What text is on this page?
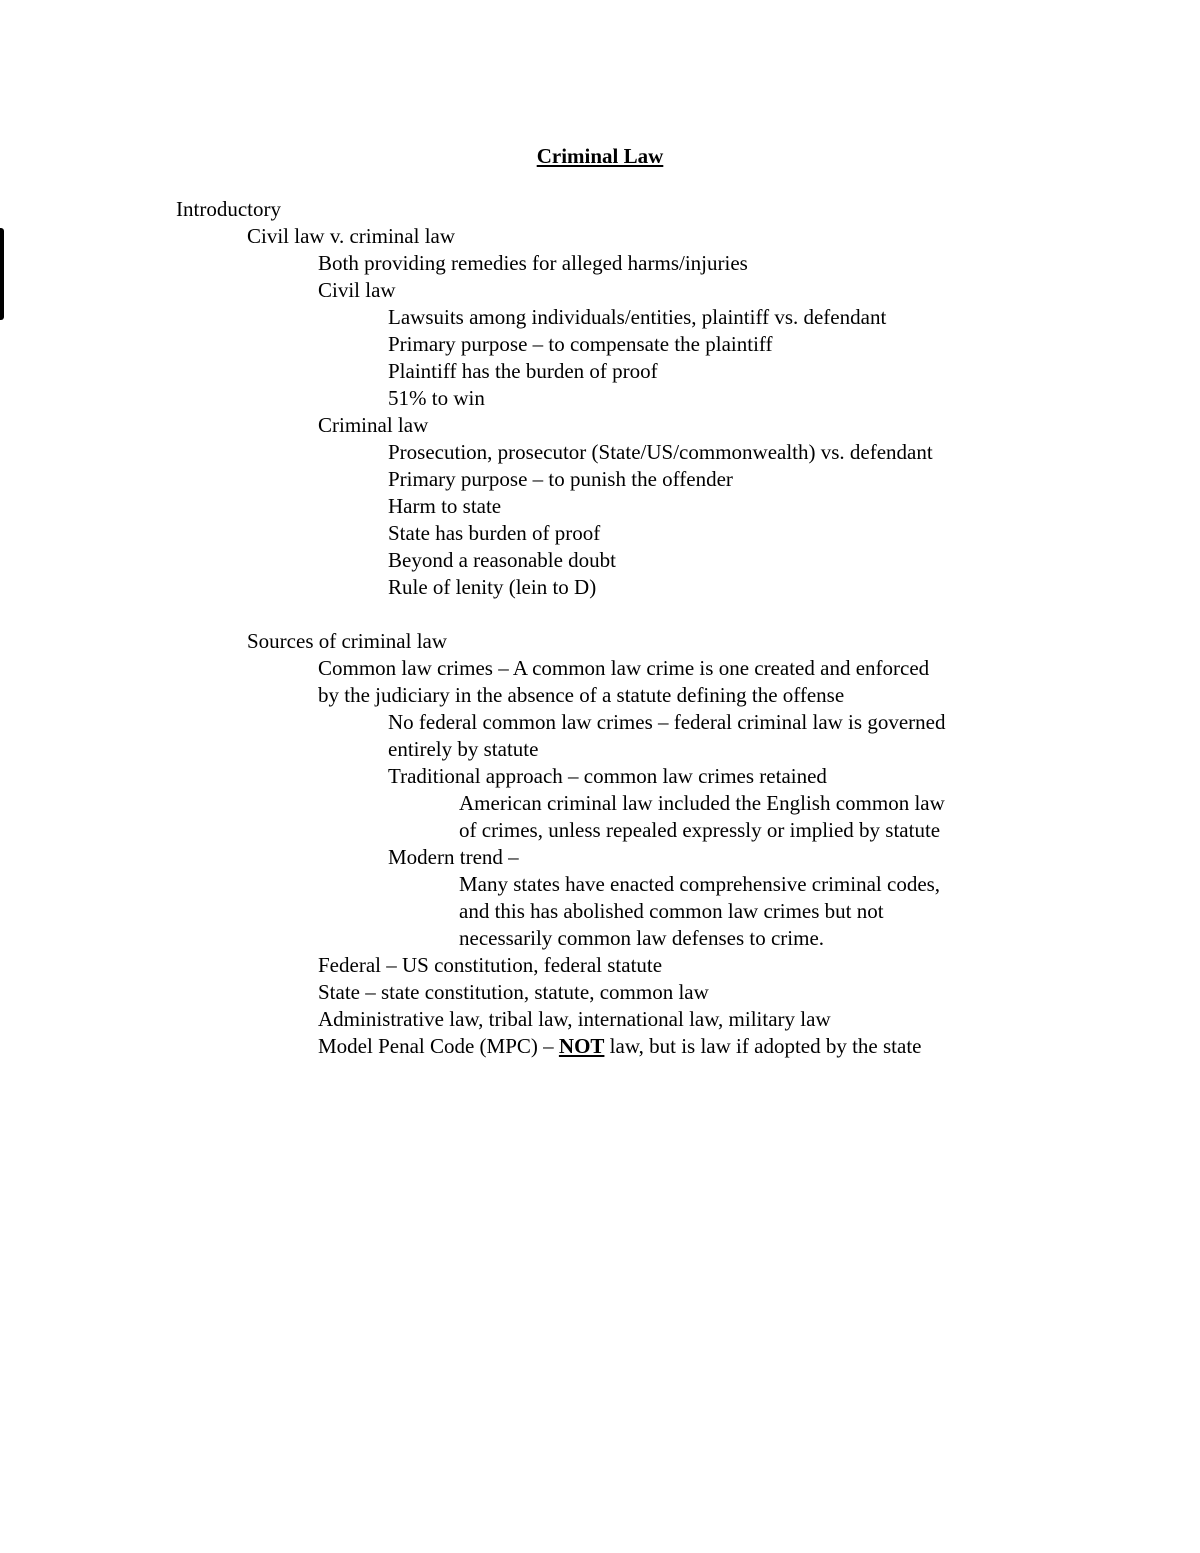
Criminal Law
Introductory
Civil law v. criminal law
Both providing remedies for alleged harms/injuries
Civil law
Lawsuits among individuals/entities, plaintiff vs. defendant
Primary purpose – to compensate the plaintiff
Plaintiff has the burden of proof
51% to win
Criminal law
Prosecution, prosecutor (State/US/commonwealth) vs. defendant
Primary purpose – to punish the offender
Harm to state
State has burden of proof
Beyond a reasonable doubt
Rule of lenity (lein to D)
Sources of criminal law
Common law crimes – A common law crime is one created and enforced
by the judiciary in the absence of a statute defining the offense
No federal common law crimes – federal criminal law is governed
entirely by statute
Traditional approach – common law crimes retained
American criminal law included the English common law
of crimes, unless repealed expressly or implied by statute
Modern trend –
Many states have enacted comprehensive criminal codes,
and this has abolished common law crimes but not
necessarily common law defenses to crime.
Federal – US constitution, federal statute
State – state constitution, statute, common law
Administrative law, tribal law, international law, military law
Model Penal Code (MPC) – NOT law, but is law if adopted by the state
